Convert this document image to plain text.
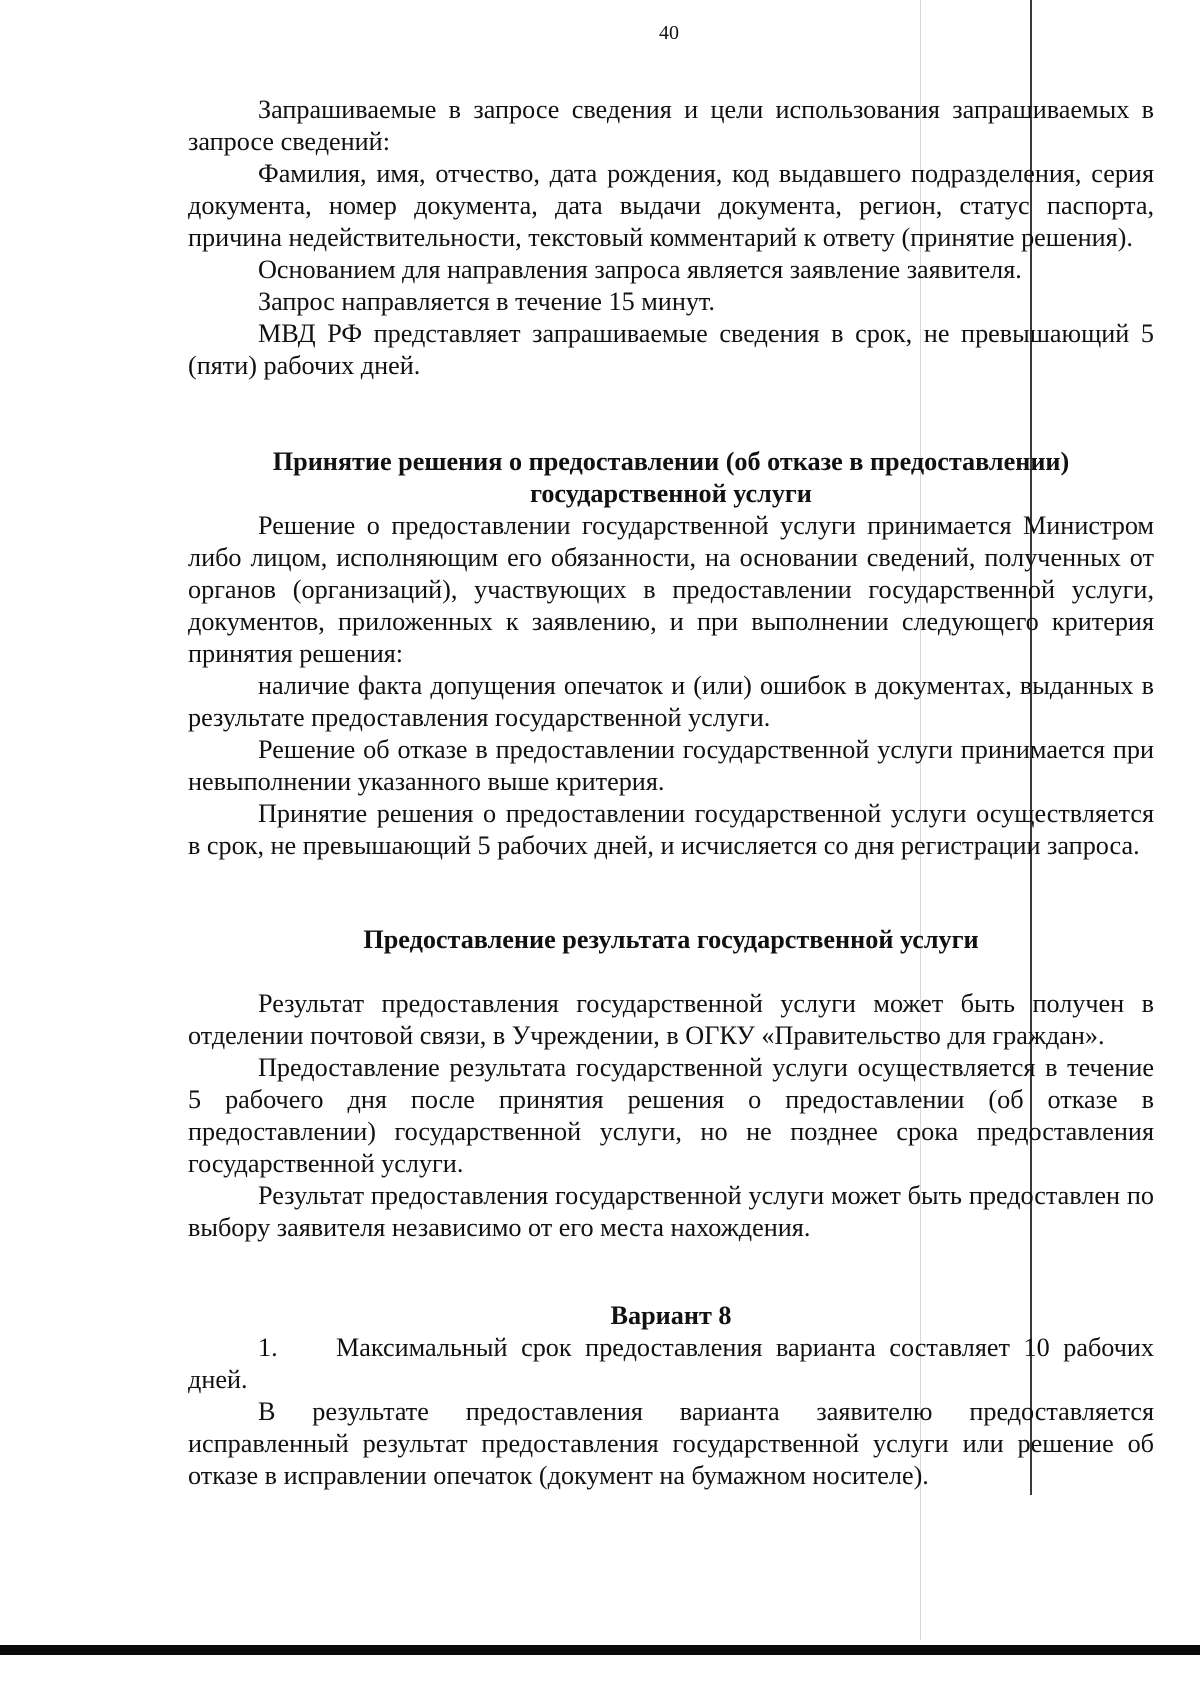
40

Запрашиваемые в запросе сведения и цели использования запрашиваемых в запросе сведений:

Фамилия, имя, отчество, дата рождения, код выдавшего подразделения, серия документа, номер документа, дата выдачи документа, регион, статус паспорта, причина недействительности, текстовый комментарий к ответу (принятие решения).

Основанием для направления запроса является заявление заявителя.

Запрос направляется в течение 15 минут.

МВД РФ представляет запрашиваемые сведения в срок, не превышающий 5 (пяти) рабочих дней.

Принятие решения о предоставлении (об отказе в предоставлении)
государственной услуги

Решение о предоставлении государственной услуги принимается Министром либо лицом, исполняющим его обязанности, на основании сведений, полученных от органов (организаций), участвующих в предоставлении государственной услуги, документов, приложенных к заявлению, и при выполнении следующего критерия принятия решения:

наличие факта допущения опечаток и (или) ошибок в документах, выданных в результате предоставления государственной услуги.

Решение об отказе в предоставлении государственной услуги принимается при невыполнении указанного выше критерия.

Принятие решения о предоставлении государственной услуги осуществляется в срок, не превышающий 5 рабочих дней, и исчисляется со дня регистрации запроса.

Предоставление результата государственной услуги

Результат предоставления государственной услуги может быть получен в отделении почтовой связи, в Учреждении, в ОГКУ «Правительство для граждан».

Предоставление результата государственной услуги осуществляется в течение 5 рабочего дня после принятия решения о предоставлении (об отказе в предоставлении) государственной услуги, но не позднее срока предоставления государственной услуги.

Результат предоставления государственной услуги может быть предоставлен по выбору заявителя независимо от его места нахождения.

Вариант 8

1. Максимальный срок предоставления варианта составляет 10 рабочих дней.

В результате предоставления варианта заявителю предоставляется исправленный результат предоставления государственной услуги или решение об отказе в исправлении опечаток (документ на бумажном носителе).
